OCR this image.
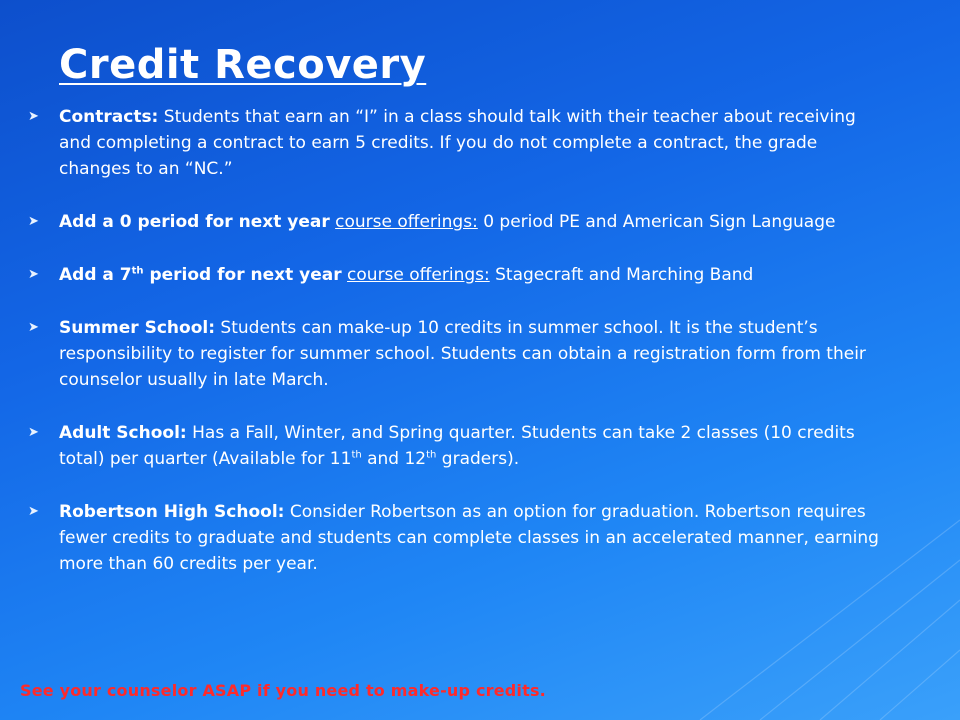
Credit Recovery
➤ Contracts: Students that earn an “I” in a class should talk with their teacher about receiving and completing a contract to earn 5 credits. If you do not complete a contract, the grade changes to an “NC.”
➤ Add a 0 period for next year course offerings: 0 period PE and American Sign Language
➤ Add a 7th period for next year course offerings: Stagecraft and Marching Band
➤ Summer School: Students can make-up 10 credits in summer school. It is the student’s responsibility to register for summer school. Students can obtain a registration form from their counselor usually in late March.
➤ Adult School: Has a Fall, Winter, and Spring quarter. Students can take 2 classes (10 credits total) per quarter (Available for 11th and 12th graders).
➤ Robertson High School: Consider Robertson as an option for graduation. Robertson requires fewer credits to graduate and students can complete classes in an accelerated manner, earning more than 60 credits per year.
See your counselor ASAP if you need to make-up credits.
